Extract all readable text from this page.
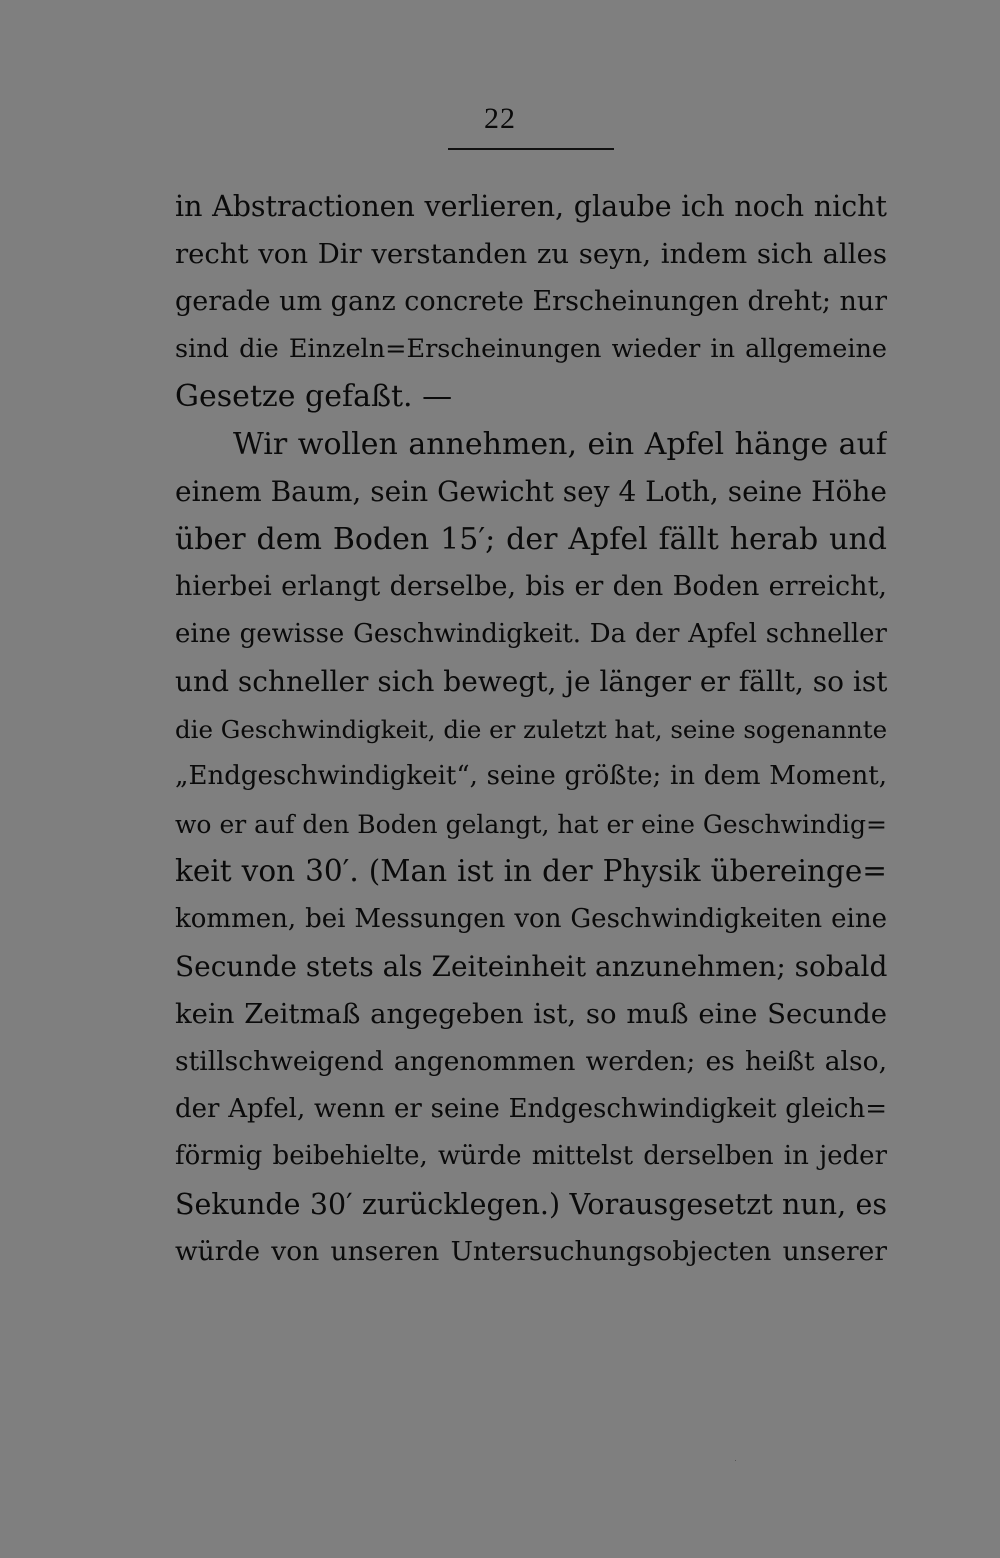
22
in Abstractionen verlieren, glaube ich noch nicht
recht von Dir verstanden zu seyn, indem sich alles
gerade um ganz concrete Erscheinungen dreht; nur
sind die Einzeln=Erscheinungen wieder in allgemeine
Gesetze gefaßt. —
Wir wollen annehmen, ein Apfel hänge auf
einem Baum, sein Gewicht sey 4 Loth, seine Höhe
über dem Boden 15′; der Apfel fällt herab und
hierbei erlangt derselbe, bis er den Boden erreicht,
eine gewisse Geschwindigkeit. Da der Apfel schneller
und schneller sich bewegt, je länger er fällt, so ist
die Geschwindigkeit, die er zuletzt hat, seine sogenannte
„Endgeschwindigkeit“, seine größte; in dem Moment,
wo er auf den Boden gelangt, hat er eine Geschwindig=
keit von 30′. (Man ist in der Physik übereinge=
kommen, bei Messungen von Geschwindigkeiten eine
Secunde stets als Zeiteinheit anzunehmen; sobald
kein Zeitmaß angegeben ist, so muß eine Secunde
stillschweigend angenommen werden; es heißt also,
der Apfel, wenn er seine Endgeschwindigkeit gleich=
förmig beibehielte, würde mittelst derselben in jeder
Sekunde 30′ zurücklegen.) Vorausgesetzt nun, es
würde von unseren Untersuchungsobjecten unserer
